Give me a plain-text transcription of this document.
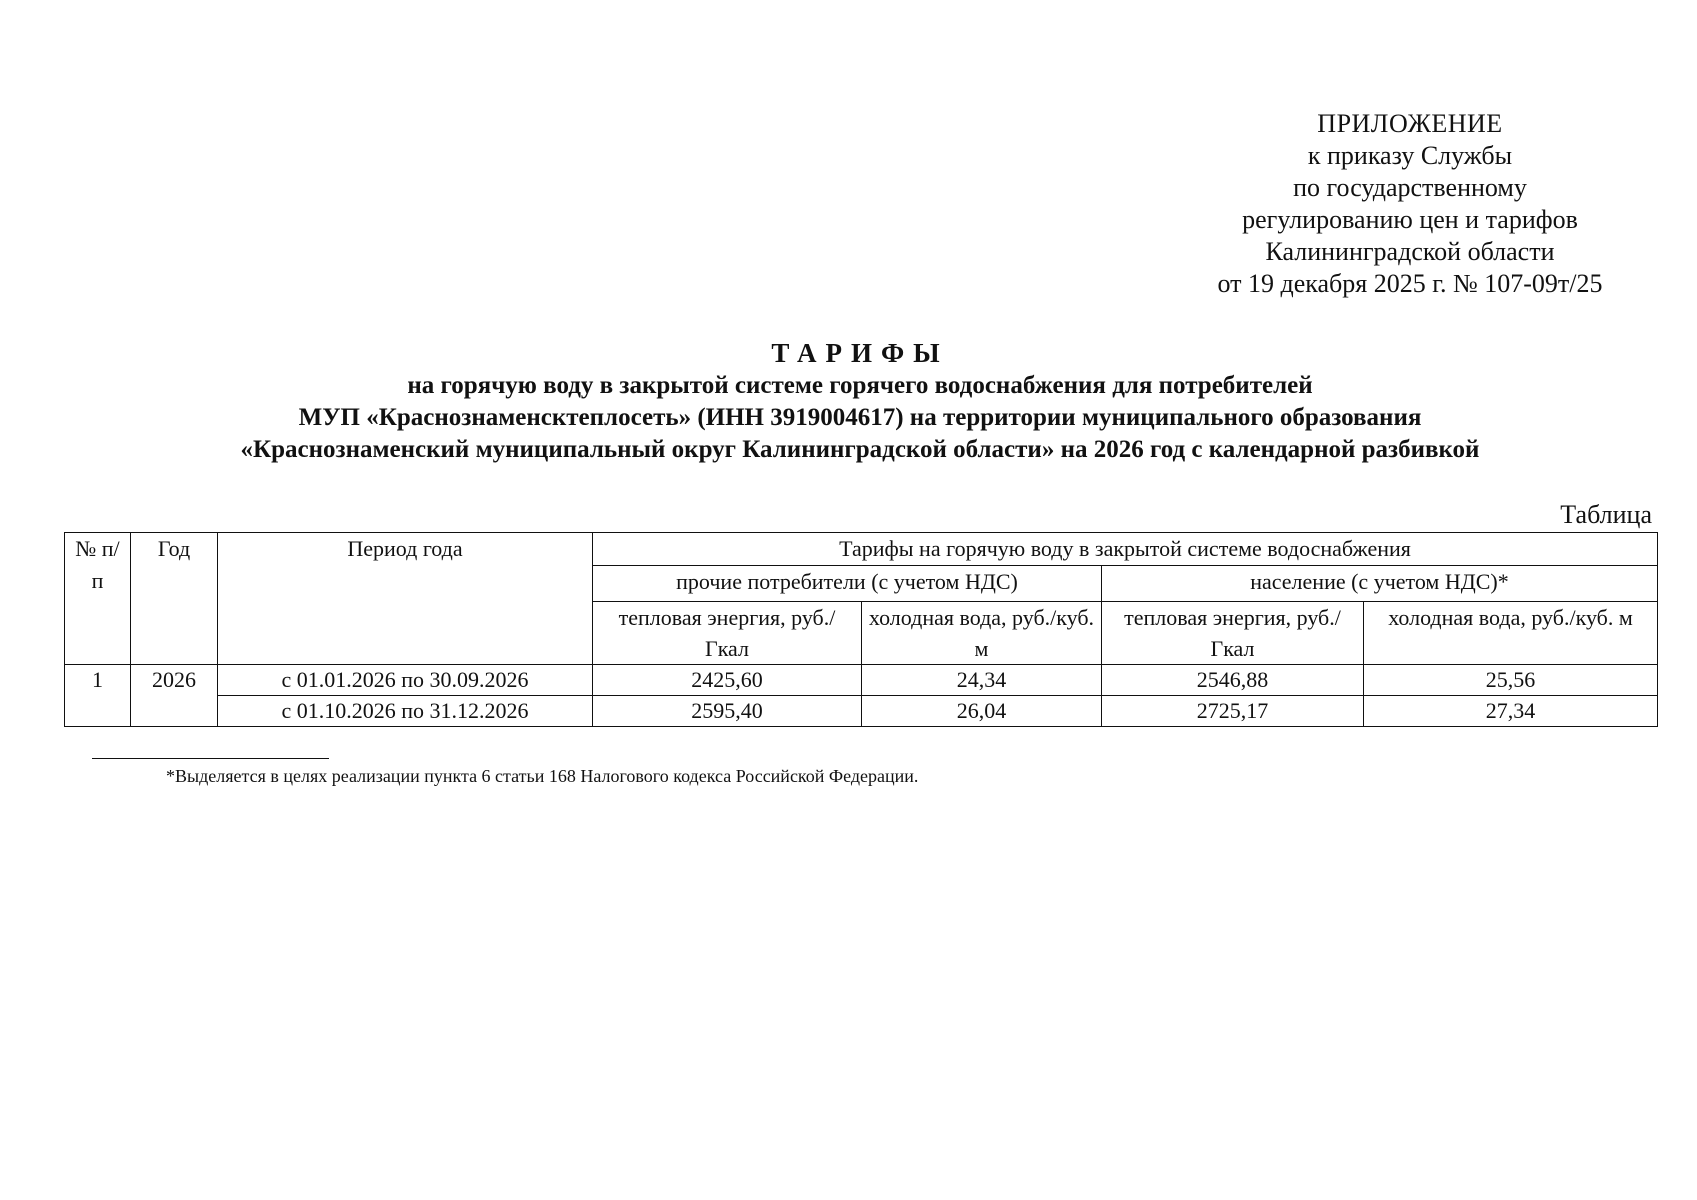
ПРИЛОЖЕНИЕ
к приказу Службы
по государственному
регулированию цен и тарифов
Калининградской области
от 19 декабря 2025 г. № 107-09т/25
ТАРИФЫ
на горячую воду в закрытой системе горячего водоснабжения для потребителей
МУП «Краснознаменсктеплосеть» (ИНН 3919004617) на территории муниципального образования
«Краснознаменский муниципальный округ Калининградской области» на 2026 год с календарной разбивкой
Таблица
№ п/п	Год	Период года	Тарифы на горячую воду в закрытой системе водоснабжения			
			прочие потребители (с учетом НДС)		население (с учетом НДС)*	
			тепловая энергия, руб./Гкал	холодная вода, руб./куб. м	тепловая энергия, руб./Гкал	холодная вода, руб./куб. м
1	2026	с 01.01.2026 по 30.09.2026	2425,60	24,34	2546,88	25,56
		с 01.10.2026 по 31.12.2026	2595,40	26,04	2725,17	27,34
*Выделяется в целях реализации пункта 6 статьи 168 Налогового кодекса Российской Федерации.
